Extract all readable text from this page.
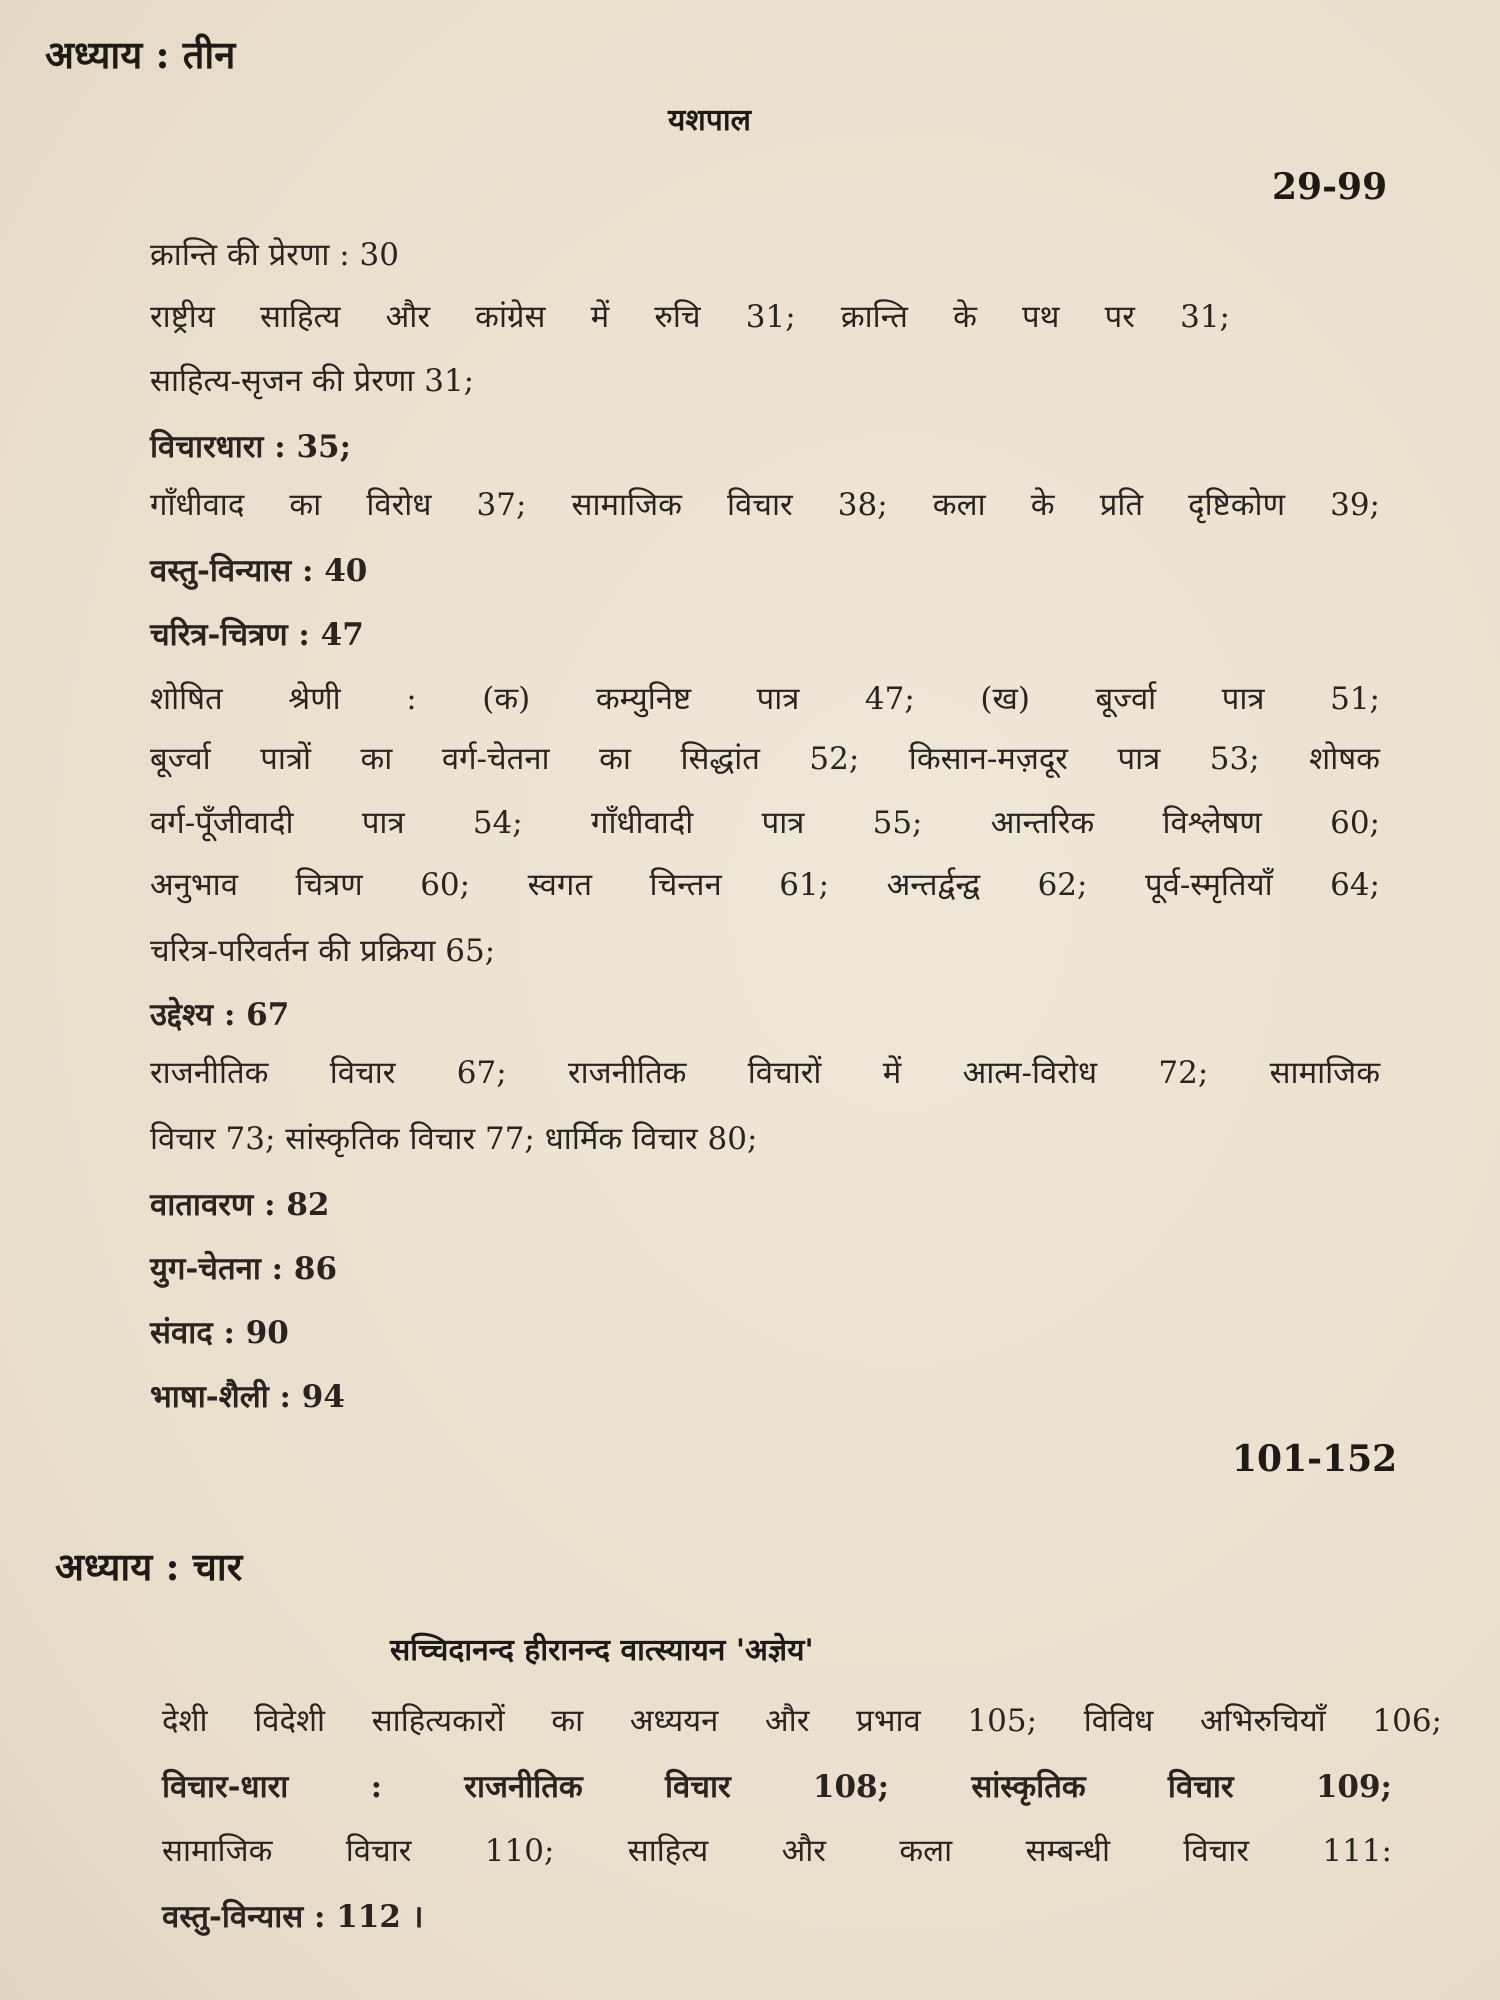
अध्याय : तीन
यशपाल
29-99
क्रान्ति की प्रेरणा : 30
राष्ट्रीय साहित्य और कांग्रेस में रुचि 31; क्रान्ति के पथ पर 31;
साहित्य-सृजन की प्रेरणा 31;
विचारधारा : 35;
गाँधीवाद का विरोध 37; सामाजिक विचार 38; कला के प्रति दृष्टिकोण 39;
वस्तु-विन्यास : 40
चरित्र-चित्रण : 47
शोषित श्रेणी : (क) कम्युनिष्ट पात्र 47; (ख) बूर्ज्वा पात्र 51;
बूर्ज्वा पात्रों का वर्ग-चेतना का सिद्धांत 52; किसान-मज़दूर पात्र 53; शोषक
वर्ग-पूँजीवादी पात्र 54; गाँधीवादी पात्र 55; आन्तरिक विश्लेषण 60;
अनुभाव चित्रण 60; स्वगत चिन्तन 61; अन्तर्द्वन्द्व 62; पूर्व-स्मृतियाँ 64;
चरित्र-परिवर्तन की प्रक्रिया 65;
उद्देश्य : 67
राजनीतिक विचार 67; राजनीतिक विचारों में आत्म-विरोध 72; सामाजिक
विचार 73; सांस्कृतिक विचार 77; धार्मिक विचार 80;
वातावरण : 82
युग-चेतना : 86
संवाद : 90
भाषा-शैली : 94
101-152
अध्याय : चार
सच्चिदानन्द हीरानन्द वात्स्यायन 'अज्ञेय'
देशी विदेशी साहित्यकारों का अध्ययन और प्रभाव 105; विविध अभिरुचियाँ 106;
विचार-धारा : राजनीतिक विचार 108; सांस्कृतिक विचार 109;
सामाजिक विचार 110; साहित्य और कला सम्बन्धी विचार 111:
वस्तु-विन्यास : 112 ।
